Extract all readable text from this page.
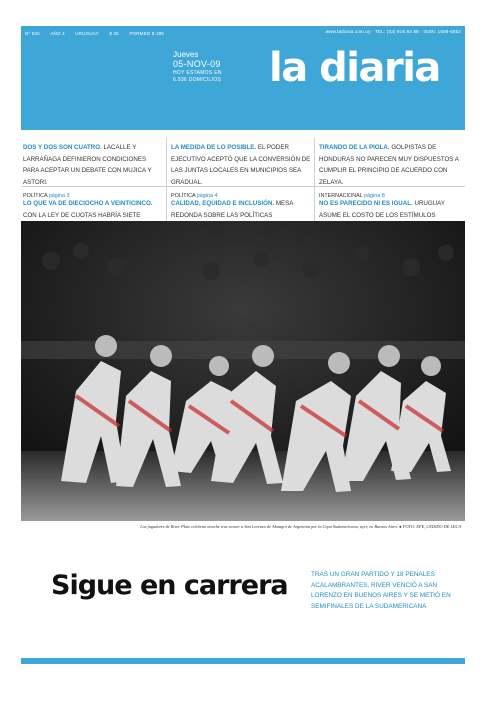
Nº 930 AÑO 4 URUGUAY $ 25 PORMED $ 185	www.ladiaria.com.uy · TEL: (02) 916 84 88 · ISSN: 1688-6852
Jueves
05-NOV-09
HOY ESTAMOS EN
6.936 DOMICILIOS la diaria
DOS Y DOS SON CUATRO. LACALLE Y LARRAÑAGA DEFINIERON CONDICIONES PARA ACEPTAR UN DEBATE CON MUJICA Y ASTORI.
POLÍTICA página 3
LA MEDIDA DE LO POSIBLE. EL PODER EJECUTIVO ACEPTÓ QUE LA CONVERSIÓN DE LAS JUNTAS LOCALES EN MUNICIPIOS SEA GRADUAL.
POLÍTICA página 4
TIRANDO DE LA PIOLA. GOLPISTAS DE HONDURAS NO PARECEN MUY DISPUESTOS A CUMPLIR EL PRINCIPIO DE ACUERDO CON ZELAYA.
INTERNACIONAL página 8
LO QUE VA DE DIECIOCHO A VEINTICINCO. CON LA LEY DE CUOTAS HABRÍA SIETE
CALIDAD, EQUIDAD E INCLUSIÓN. MESA REDONDA SOBRE LAS POLÍTICAS
NO ES PARECIDO NI ES IGUAL. URUGUAY ASUME EL COSTO DE LOS ESTÍMULOS
Los jugadores de River Plate celebran anoche tras vencer a San Lorenzo de Almagro de Argentina por la Copa Sudamericana, ayer, en Buenos Aires. ● FOTO: EFE, CEDIDO DE LECA
Sigue en carrera	TRAS UN GRAN PARTIDO Y 18 PENALES ACALAMBRANTES, RIVER VENCIÓ A SAN LORENZO EN BUENOS AIRES Y SE METIÓ EN SEMIFINALES DE LA SUDAMERICANA
